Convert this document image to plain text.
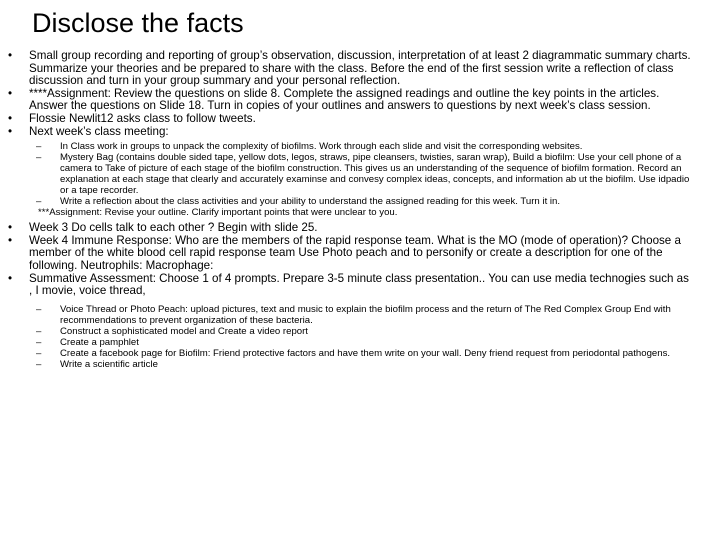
Disclose the facts
• Small group recording and reporting of group’s observation, discussion, interpretation of at least 2 diagrammatic summary charts. Summarize your theories and be prepared to share with the class. Before the end of the first session write a reflection of class discussion and turn in your group summary and your personal reflection.
• ****Assignment: Review the questions on slide 8. Complete the assigned readings and outline the key points in the articles. Answer the questions on Slide 18. Turn in copies of your outlines and answers to questions by next week’s class session.
• Flossie Newlit12 asks class to follow tweets.
• Next week’s class meeting:
– In Class work in groups to unpack the complexity of biofilms. Work through each slide and visit the corresponding websites.
– Mystery Bag (contains double sided tape, yellow dots, legos, straws, pipe cleansers, twisties, saran wrap), Build a biofilm: Use your cell phone of a camera to Take of picture of each stage of the biofilm construction. This gives us an understanding of the sequence of biofilm formation. Record an explanation at each stage that clearly and accurately examinse and convesy complex ideas, concepts, and information ab ut the biofilm. Use idpadio or a tape recorder.
– Write a reflection about the class activities and your ability to understand the assigned reading for this week. Turn it in.
***Assignment: Revise your outline. Clarify important points that were unclear to you.
• Week 3 Do cells talk to each other ? Begin with slide 25.
• Week 4 Immune Response: Who are the members of the rapid response team. What is the MO (mode of operation)? Choose a member of the white blood cell rapid response team Use Photo peach and to personify or create a description for one of the following. Neutrophils: Macrophage:
• Summative Assessment: Choose 1 of 4 prompts. Prepare 3-5 minute class presentation.. You can use media technogies such as , I movie, voice thread,
– Voice Thread or Photo Peach: upload pictures, text and music to explain the biofilm process and the return of The Red Complex Group End with recommendations to prevent organization of these bacteria.
– Construct a sophisticated model and Create a video report
– Create a pamphlet
– Create a facebook page for Biofilm: Friend protective factors and have them write on your wall. Deny friend request from periodontal pathogens.
– Write a scientific article
